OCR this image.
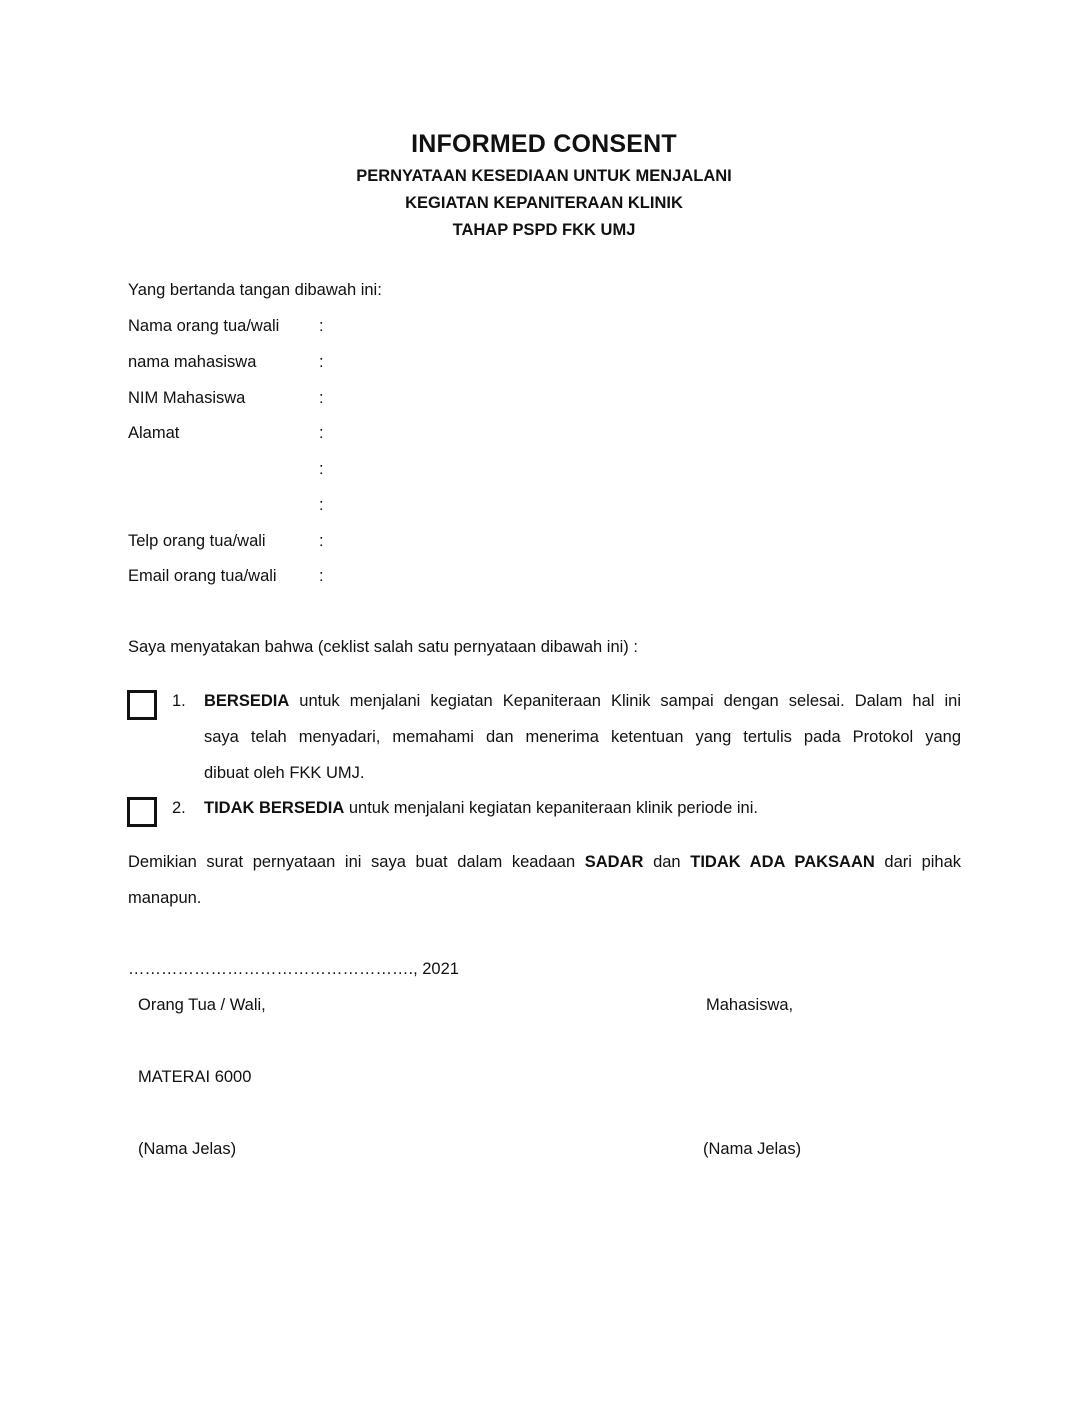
INFORMED CONSENT
PERNYATAAN KESEDIAAN UNTUK MENJALANI
KEGIATAN KEPANITERAAN KLINIK
TAHAP PSPD FKK UMJ
Yang bertanda tangan dibawah ini:
Nama orang tua/wali :
nama mahasiswa	:
NIM Mahasiswa	:
Alamat	:
:
:
Telp orang tua/wali	:
Email orang tua/wali	:
Saya menyatakan bahwa (ceklist salah satu pernyataan dibawah ini) :
1. BERSEDIA untuk menjalani kegiatan Kepaniteraan Klinik sampai dengan selesai. Dalam hal ini
saya telah menyadari, memahami dan menerima ketentuan yang tertulis pada Protokol yang
dibuat oleh FKK UMJ.
2. TIDAK BERSEDIA untuk menjalani kegiatan kepaniteraan klinik periode ini.
Demikian surat pernyataan ini saya buat dalam keadaan SADAR dan TIDAK ADA PAKSAAN dari pihak
manapun.
……………………………………………., 2021
Orang Tua / Wali,	Mahasiswa,
MATERAI 6000
(Nama Jelas)	(Nama Jelas)
